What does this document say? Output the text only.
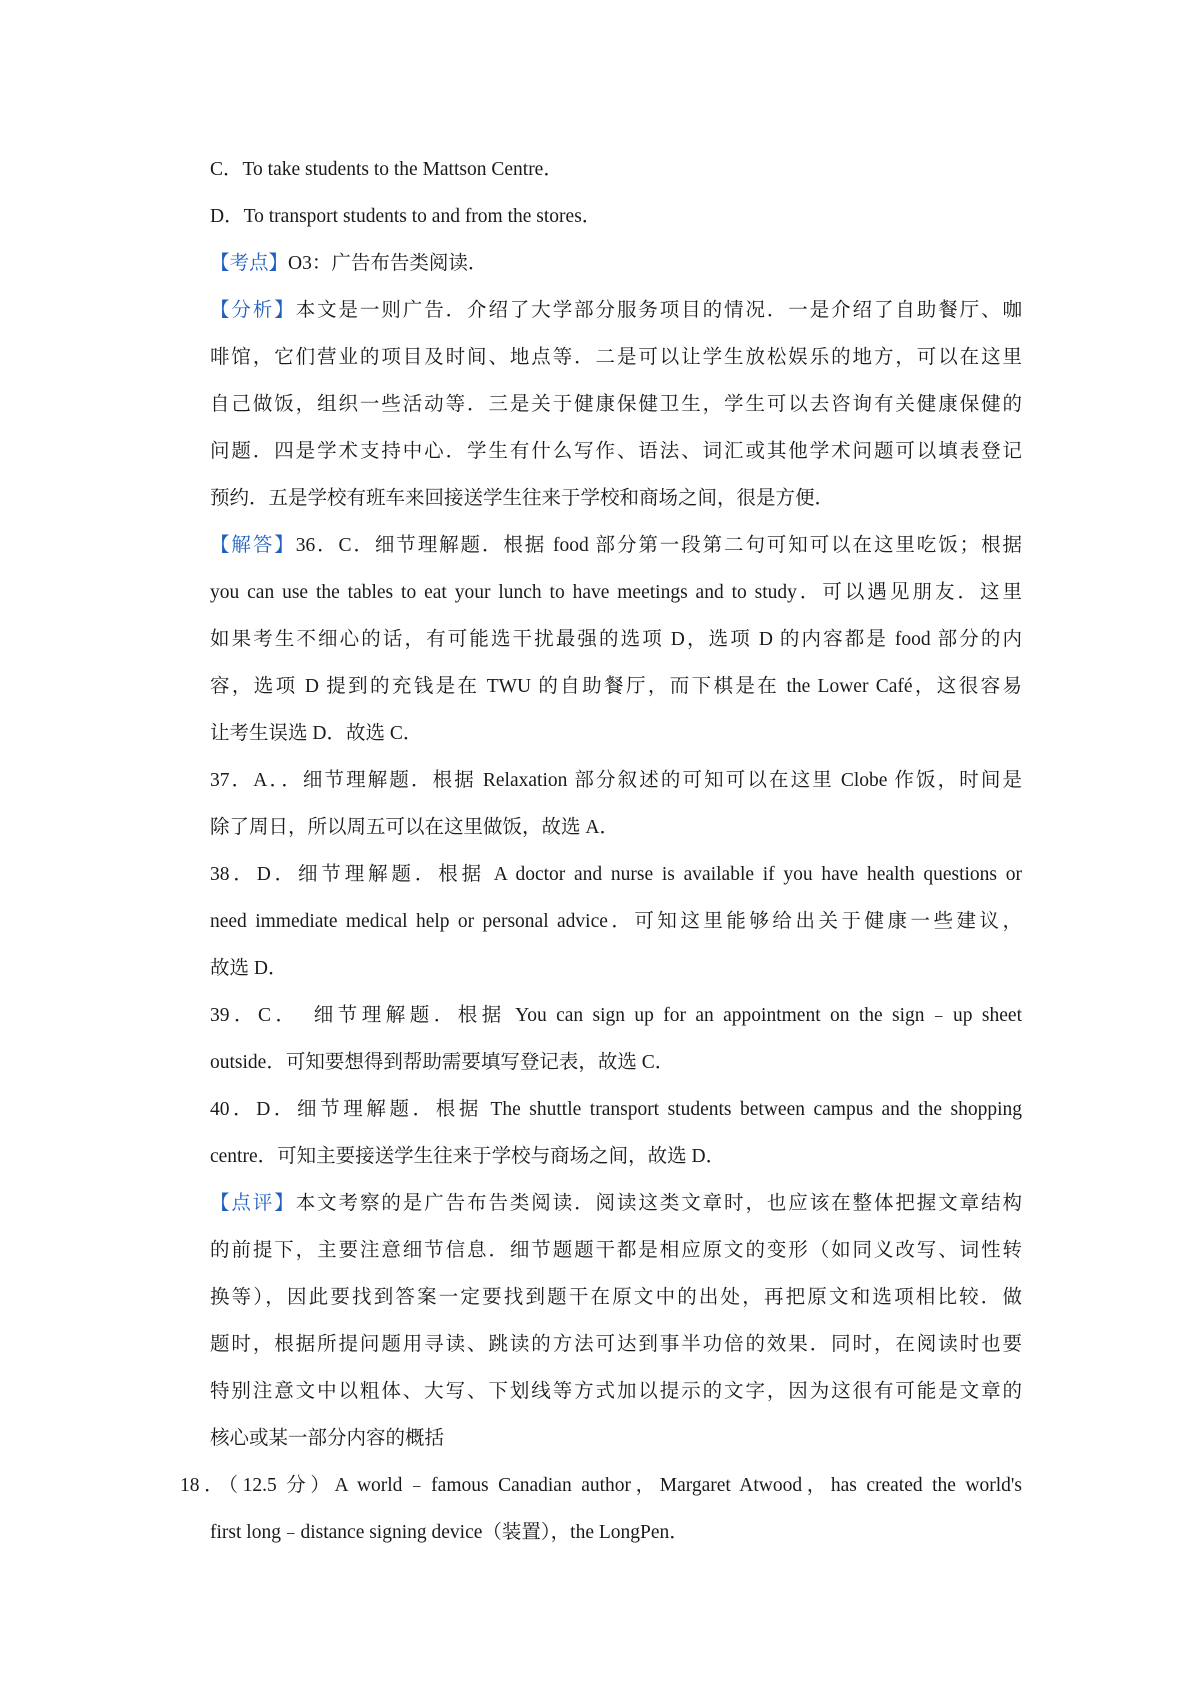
C．To take students to the Mattson Centre．
D．To transport students to and from the stores．
【考点】O3：广告布告类阅读．
【分析】本文是一则广告．介绍了大学部分服务项目的情况．一是介绍了自助餐厅、咖
啡馆，它们营业的项目及时间、地点等．二是可以让学生放松娱乐的地方，可以在这里
自己做饭，组织一些活动等．三是关于健康保健卫生，学生可以去咨询有关健康保健的
问题．四是学术支持中心．学生有什么写作、语法、词汇或其他学术问题可以填表登记
预约．五是学校有班车来回接送学生往来于学校和商场之间，很是方便．
【解答】36．C．细节理解题．根据 food 部分第一段第二句可知可以在这里吃饭；根据
you can use the tables to eat your lunch to have meetings and to study．可以遇见朋友．这里
如果考生不细心的话，有可能选干扰最强的选项 D，选项 D 的内容都是 food 部分的内
容，选项 D 提到的充钱是在 TWU 的自助餐厅，而下棋是在 the Lower Café，这很容易
让考生误选 D．故选 C．
37．A．．细节理解题．根据 Relaxation 部分叙述的可知可以在这里 Clobe 作饭，时间是
除了周日，所以周五可以在这里做饭，故选 A．
38．D．细节理解题．根据 A doctor and nurse is available if you have health questions or
need immediate medical help or personal advice．可知这里能够给出关于健康一些建议，
故选 D．
39．C．　细节理解题．根据 You can sign up for an appointment on the sign﹣up sheet
outside．可知要想得到帮助需要填写登记表，故选 C．
40．D．细节理解题．根据 The shuttle transport students between campus and the shopping
centre．可知主要接送学生往来于学校与商场之间，故选 D．
【点评】本文考察的是广告布告类阅读．阅读这类文章时，也应该在整体把握文章结构
的前提下，主要注意细节信息．细节题题干都是相应原文的变形（如同义改写、词性转
换等），因此要找到答案一定要找到题干在原文中的出处，再把原文和选项相比较．做
题时，根据所提问题用寻读、跳读的方法可达到事半功倍的效果．同时，在阅读时也要
特别注意文中以粗体、大写、下划线等方式加以提示的文字，因为这很有可能是文章的
核心或某一部分内容的概括
18．（12.5 分）A world﹣famous Canadian author，Margaret Atwood，has created the world's
first long﹣distance signing device（装置），the LongPen．
